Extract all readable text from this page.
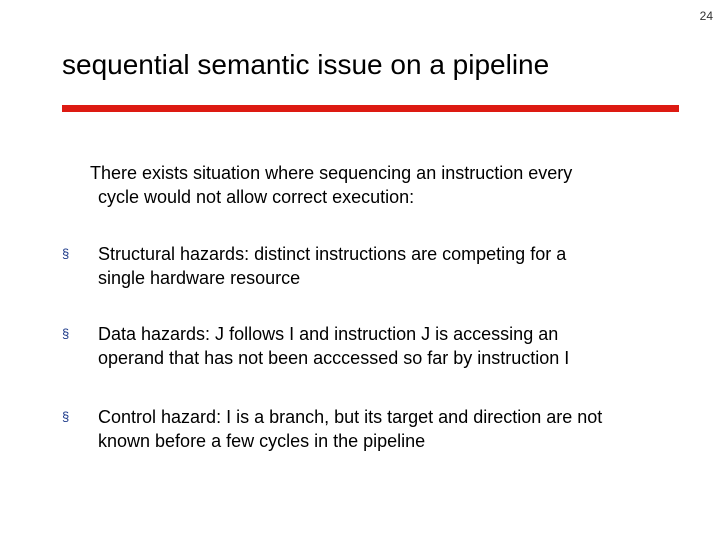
24
sequential semantic issue on a pipeline
There exists situation where sequencing an instruction every
cycle would not allow correct execution:
§	Structural hazards: distinct instructions are competing for a
single hardware resource
§	Data hazards: J follows I and instruction J is accessing an
operand that has not been acccessed so far by instruction I
§	Control hazard: I is a branch, but its target and direction are not
known before a few cycles in the pipeline
